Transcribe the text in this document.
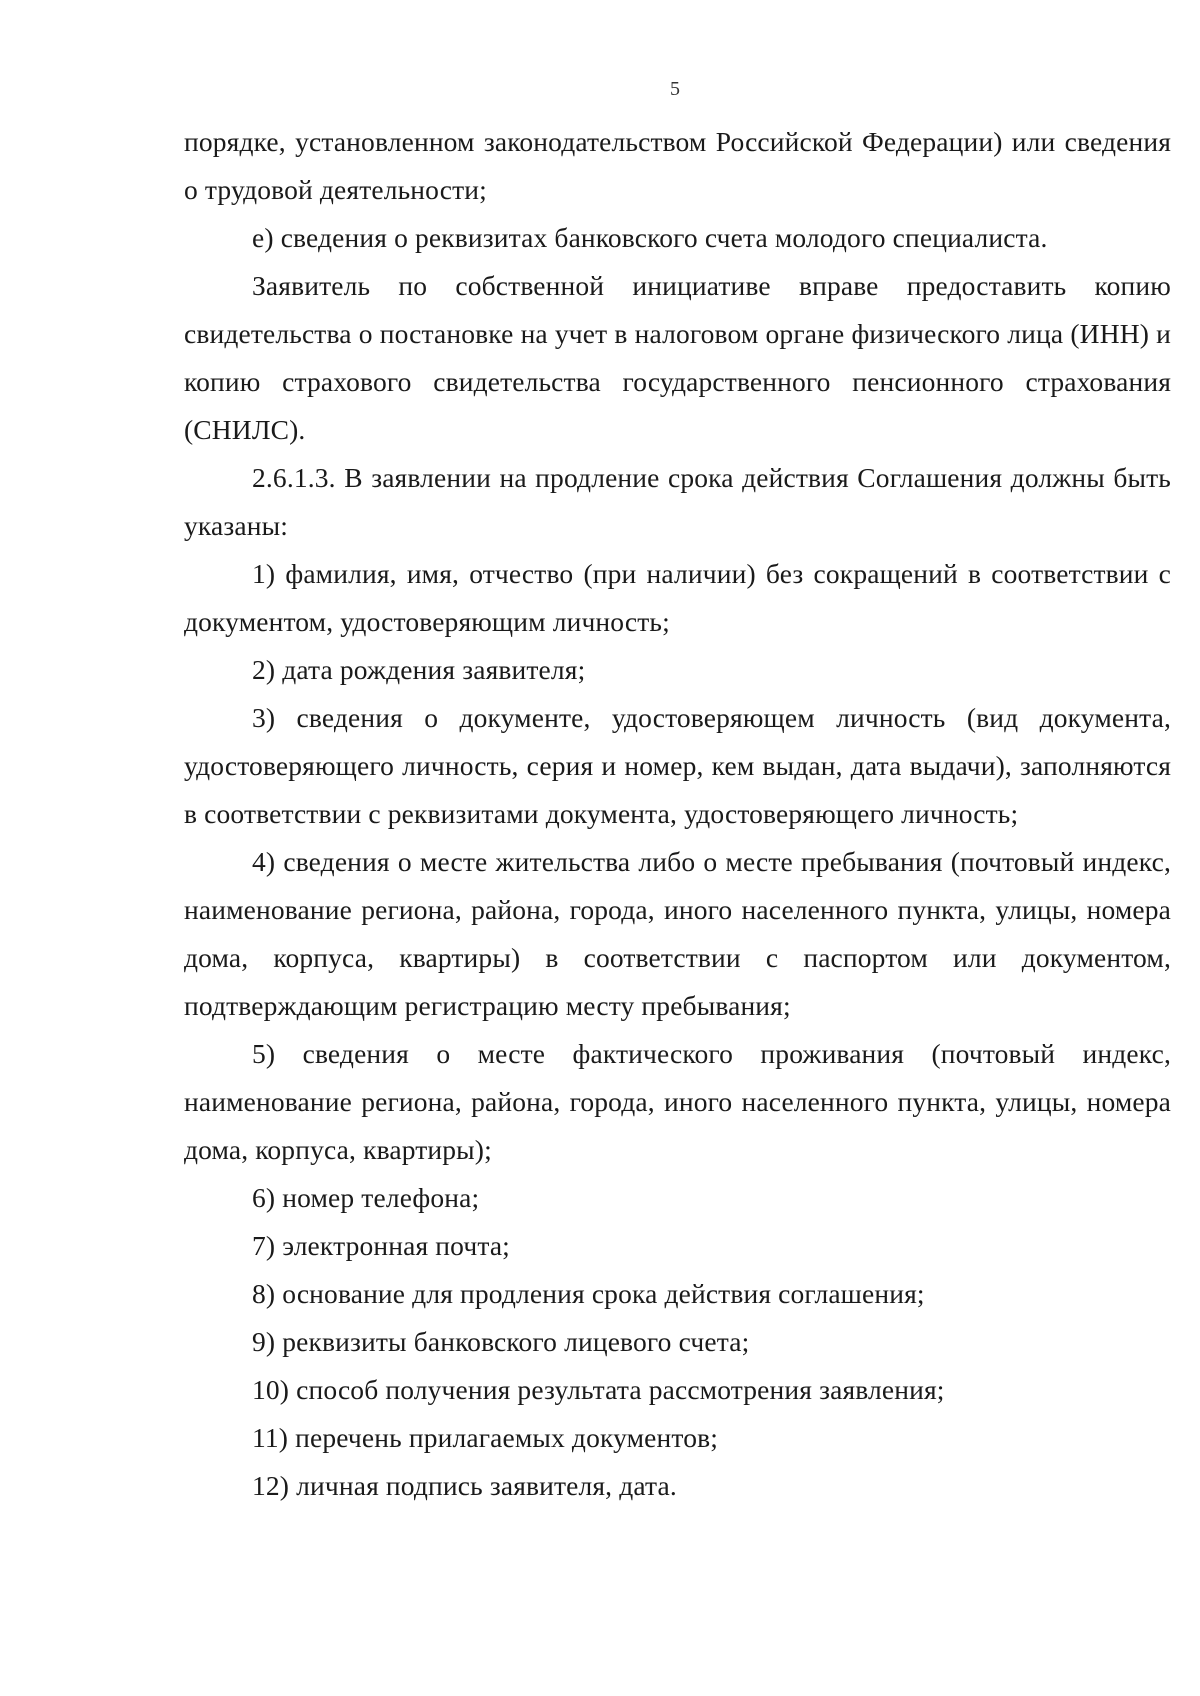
5

порядке, установленном законодательством Российской Федерации) или сведения о трудовой деятельности;

е) сведения о реквизитах банковского счета молодого специалиста.

Заявитель по собственной инициативе вправе предоставить копию свидетельства о постановке на учет в налоговом органе физического лица (ИНН) и копию страхового свидетельства государственного пенсионного страхования (СНИЛС).

2.6.1.3. В заявлении на продление срока действия Соглашения должны быть указаны:

1) фамилия, имя, отчество (при наличии) без сокращений в соответствии с документом, удостоверяющим личность;

2) дата рождения заявителя;

3) сведения о документе, удостоверяющем личность (вид документа, удостоверяющего личность, серия и номер, кем выдан, дата выдачи), заполняются в соответствии с реквизитами документа, удостоверяющего личность;

4) сведения о месте жительства либо о месте пребывания (почтовый индекс, наименование региона, района, города, иного населенного пункта, улицы, номера дома, корпуса, квартиры) в соответствии с паспортом или документом, подтверждающим регистрацию месту пребывания;

5) сведения о месте фактического проживания (почтовый индекс, наименование региона, района, города, иного населенного пункта, улицы, номера дома, корпуса, квартиры);

6) номер телефона;

7) электронная почта;

8) основание для продления срока действия соглашения;

9) реквизиты банковского лицевого счета;

10) способ получения результата рассмотрения заявления;

11) перечень прилагаемых документов;

12) личная подпись заявителя, дата.
